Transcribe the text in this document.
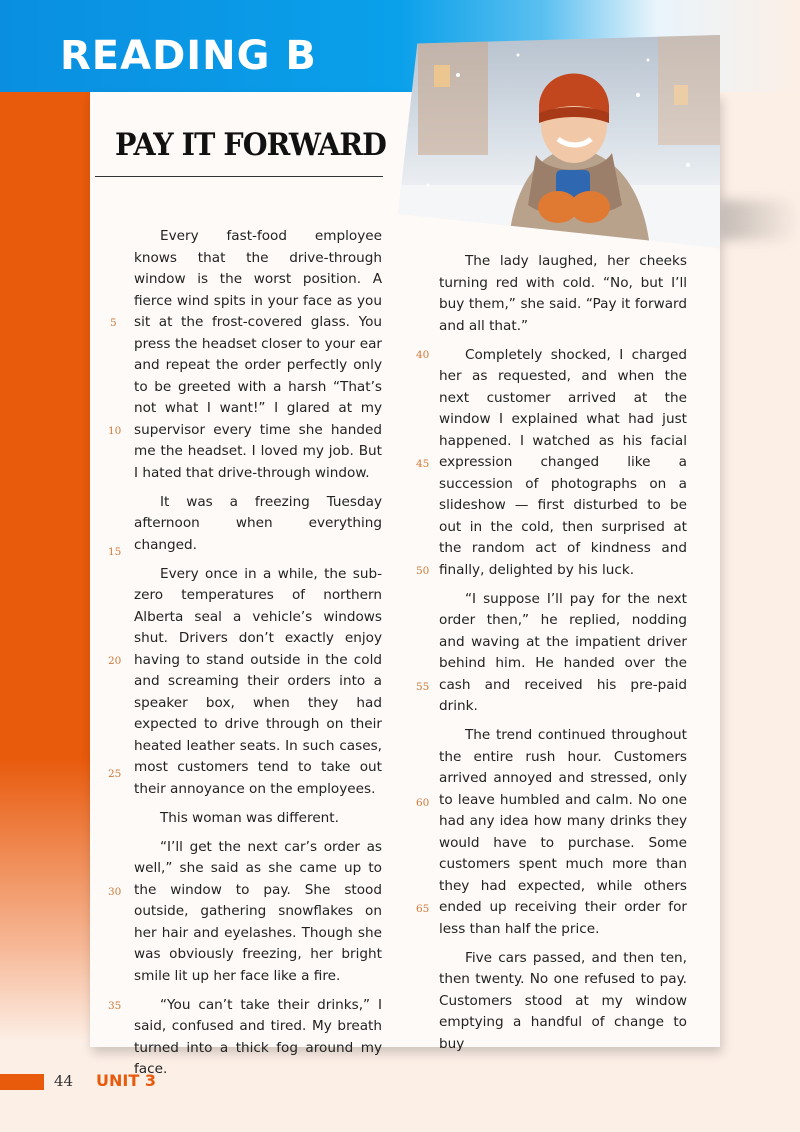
READING B
PAY IT FORWARD

Every fast-food employee knows that the drive-through window is the worst position. A fierce wind spits in your face as you sit at the frost-covered glass. You press the headset closer to your ear and repeat the order perfectly only to be greeted with a harsh “That’s not what I want!” I glared at my supervisor every time she handed me the headset. I loved my job. But I hated that drive-through window.

It was a freezing Tuesday afternoon when everything changed.

Every once in a while, the sub-zero temperatures of northern Alberta seal a vehicle’s windows shut. Drivers don’t exactly enjoy having to stand outside in the cold and screaming their orders into a speaker box, when they had expected to drive through on their heated leather seats. In such cases, most customers tend to take out their annoyance on the employees.

This woman was different.

“I’ll get the next car’s order as well,” she said as she came up to the window to pay. She stood outside, gathering snowflakes on her hair and eyelashes. Though she was obviously freezing, her bright smile lit up her face like a fire.

“You can’t take their drinks,” I said, confused and tired. My breath turned into a thick fog around my face.

The lady laughed, her cheeks turning red with cold. “No, but I’ll buy them,” she said. “Pay it forward and all that.”

Completely shocked, I charged her as requested, and when the next customer arrived at the window I explained what had just happened. I watched as his facial expression changed like a succession of photographs on a slideshow — first disturbed to be out in the cold, then surprised at the random act of kindness and finally, delighted by his luck.

“I suppose I’ll pay for the next order then,” he replied, nodding and waving at the impatient driver behind him. He handed over the cash and received his pre-paid drink.

The trend continued throughout the entire rush hour. Customers arrived annoyed and stressed, only to leave humbled and calm. No one had any idea how many drinks they would have to purchase. Some customers spent much more than they had expected, while others ended up receiving their order for less than half the price.

Five cars passed, and then ten, then twenty. No one refused to pay. Customers stood at my window emptying a handful of change to buy

5
10
15
20
25
30
35
40
45
50
55
60
65
44 UNIT 3
